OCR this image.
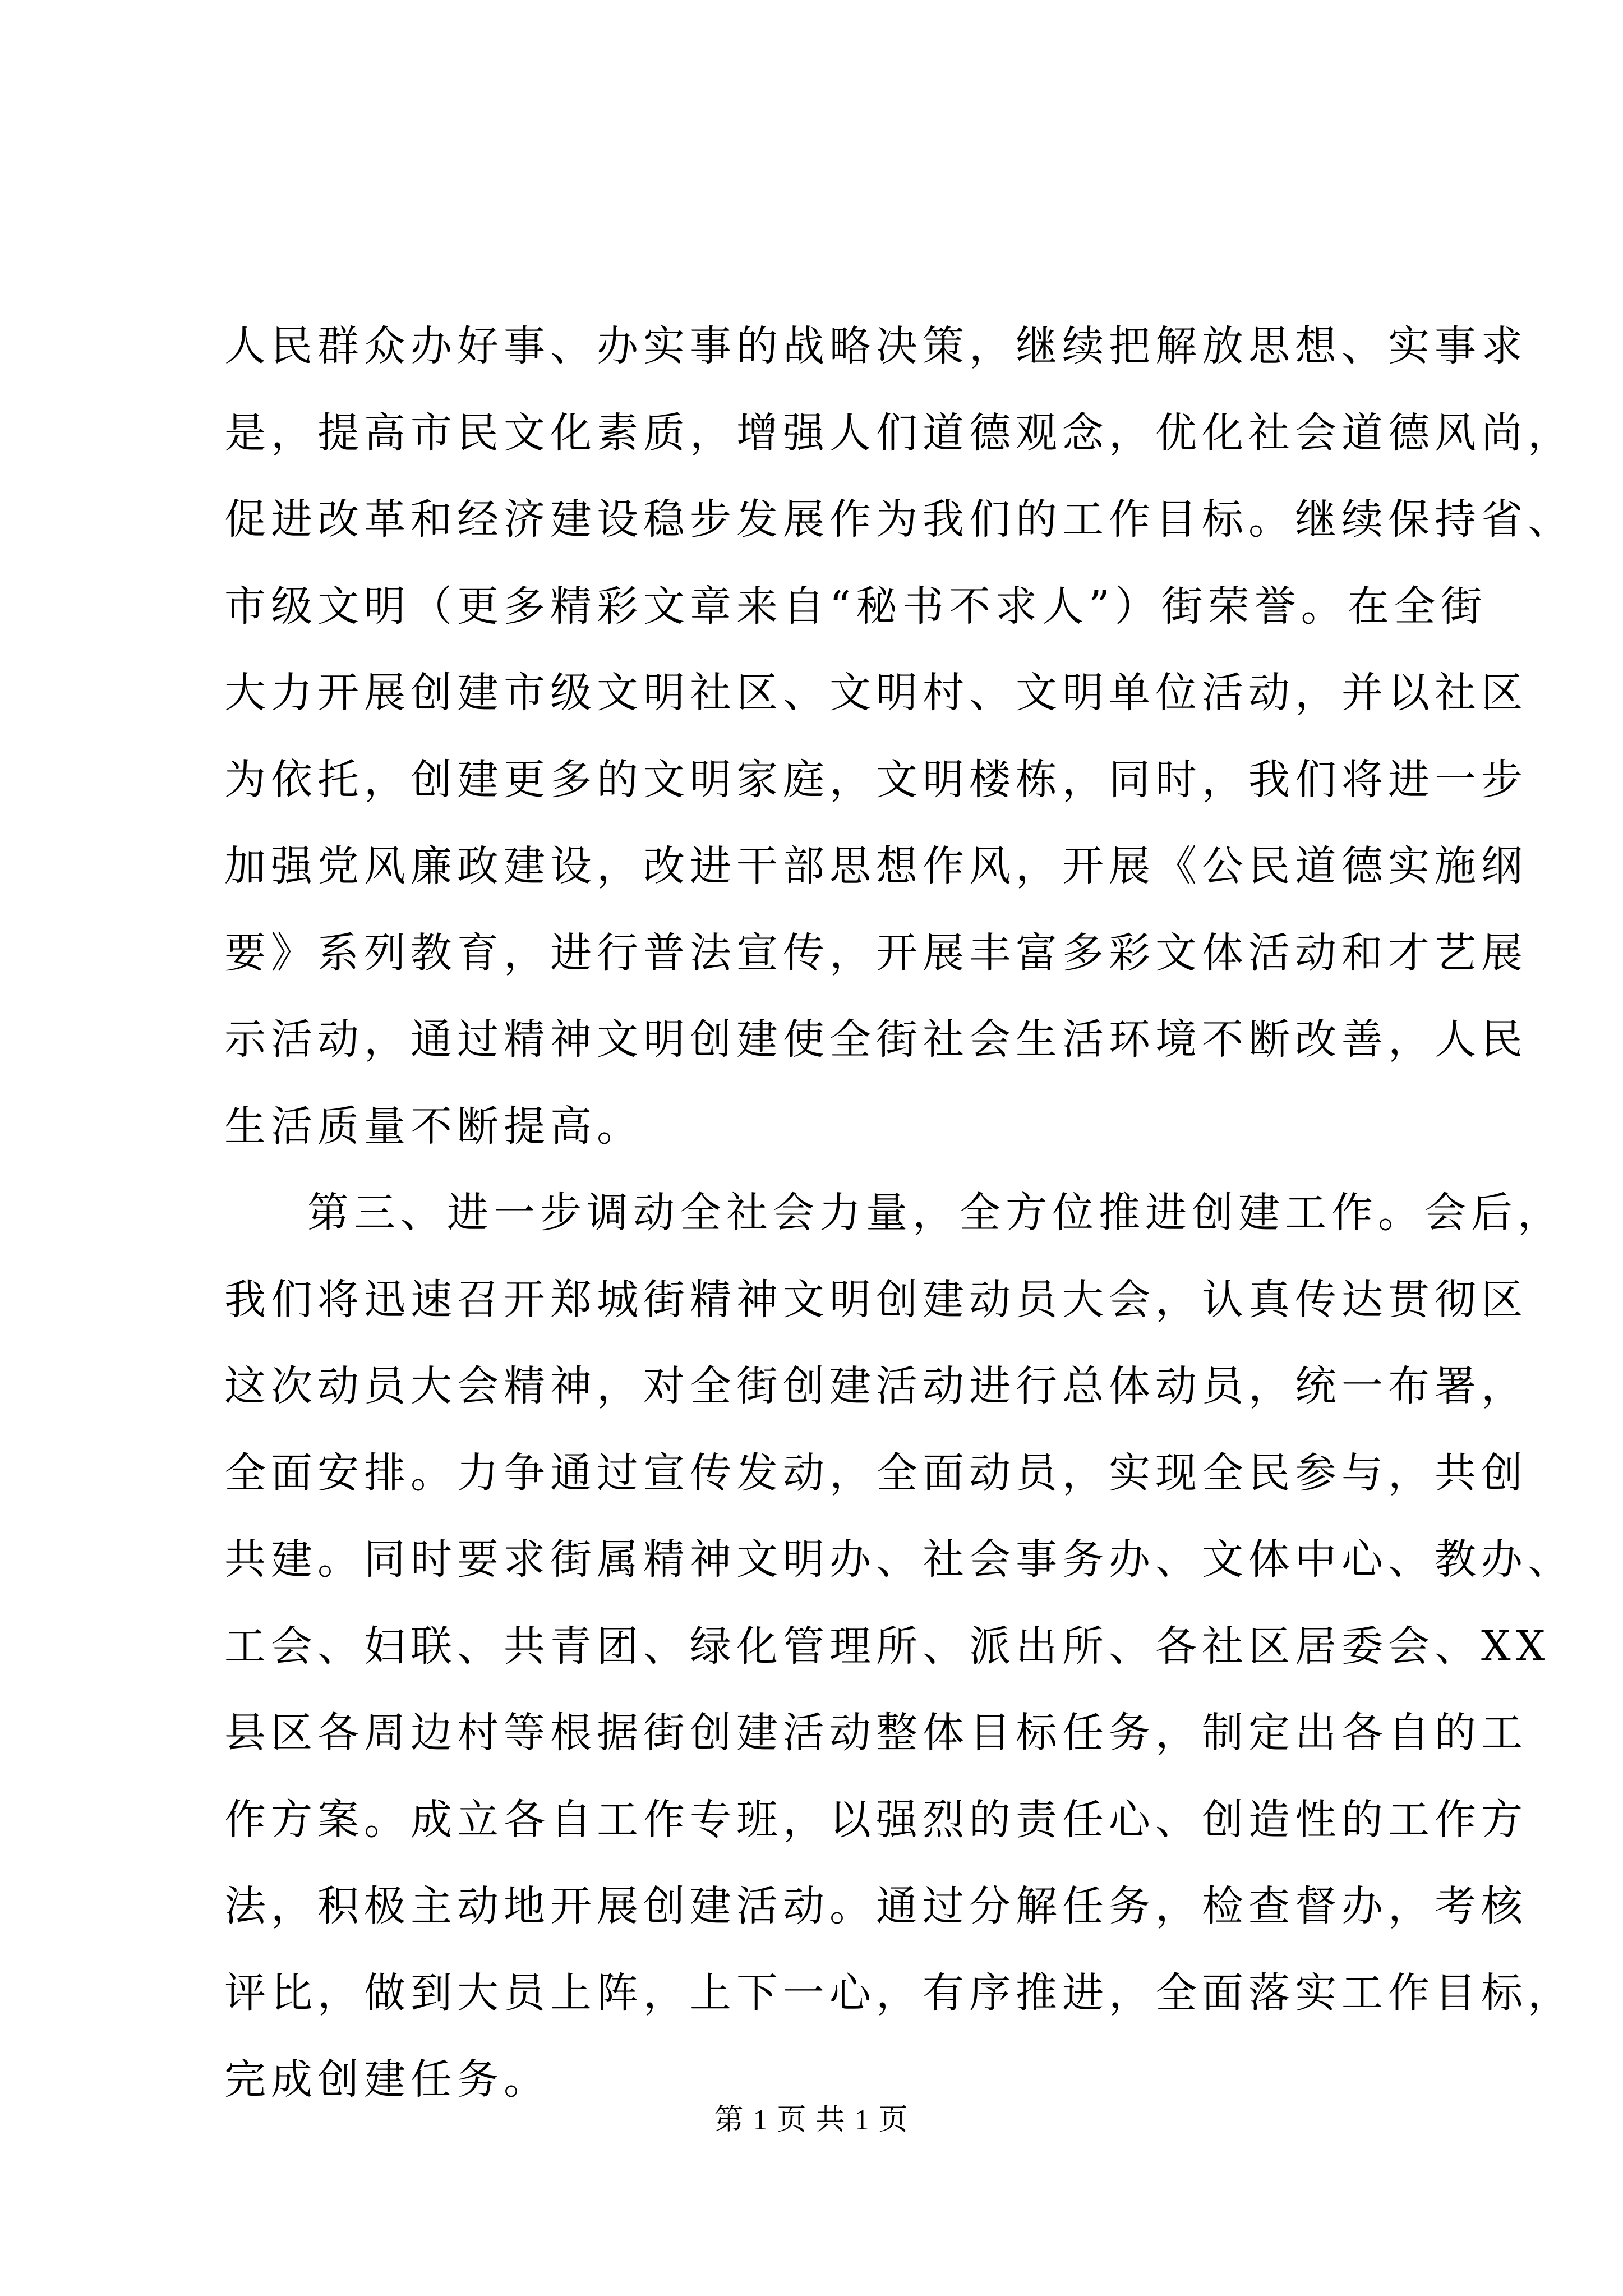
人民群众办好事、办实事的战略决策，继续把解放思想、实事求
是，提高市民文化素质，增强人们道德观念，优化社会道德风尚，
促进改革和经济建设稳步发展作为我们的工作目标。继续保持省、
市级文明（更多精彩文章来自“秘书不求人”）街荣誉。在全街
大力开展创建市级文明社区、文明村、文明单位活动，并以社区
为依托，创建更多的文明家庭，文明楼栋，同时，我们将进一步
加强党风廉政建设，改进干部思想作风，开展《公民道德实施纲
要》系列教育，进行普法宣传，开展丰富多彩文体活动和才艺展
示活动，通过精神文明创建使全街社会生活环境不断改善，人民
生活质量不断提高。
第三、进一步调动全社会力量，全方位推进创建工作。会后，
我们将迅速召开郑城街精神文明创建动员大会，认真传达贯彻区
这次动员大会精神，对全街创建活动进行总体动员，统一布署，
全面安排。力争通过宣传发动，全面动员，实现全民参与，共创
共建。同时要求街属精神文明办、社会事务办、文体中心、教办、
工会、妇联、共青团、绿化管理所、派出所、各社区居委会、XX
县区各周边村等根据街创建活动整体目标任务，制定出各自的工
作方案。成立各自工作专班，以强烈的责任心、创造性的工作方
法，积极主动地开展创建活动。通过分解任务，检查督办，考核
评比，做到大员上阵，上下一心，有序推进，全面落实工作目标，
完成创建任务。
第 1 页 共 1 页
